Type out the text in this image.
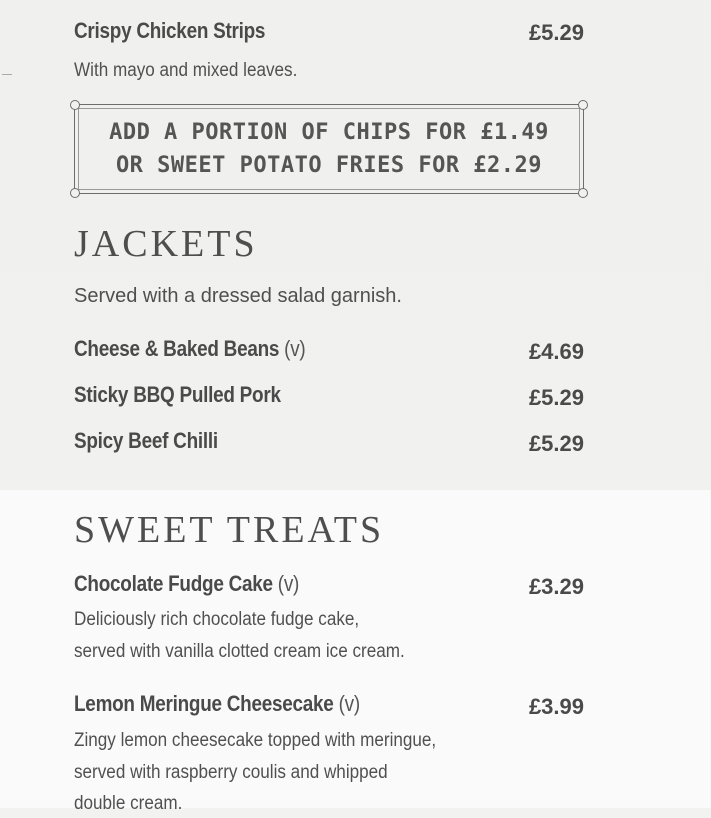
Crispy Chicken Strips	£5.29
With mayo and mixed leaves.
ADD A PORTION OF CHIPS FOR £1.49
OR SWEET POTATO FRIES FOR £2.29
JACKETS
Served with a dressed salad garnish.
Cheese & Baked Beans (v)	£4.69
Sticky BBQ Pulled Pork	£5.29
Spicy Beef Chilli	£5.29
SWEET TREATS
Chocolate Fudge Cake (v)	£3.29
Deliciously rich chocolate fudge cake,
served with vanilla clotted cream ice cream.
Lemon Meringue Cheesecake (v)	£3.99
Zingy lemon cheesecake topped with meringue,
served with raspberry coulis and whipped
double cream.
